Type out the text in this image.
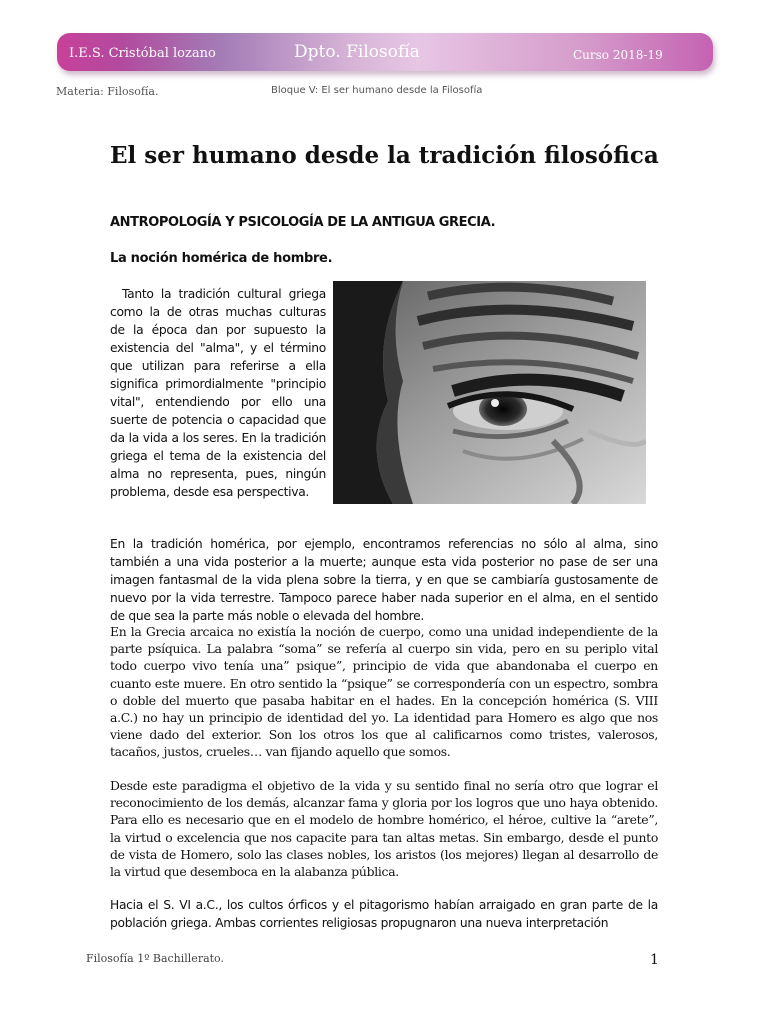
I.E.S. Cristóbal lozano	Dpto. Filosofía	Curso 2018-19
Materia: Filosofía.	Bloque V: El ser humano desde la Filosofía
El ser humano desde la tradición filosófica
ANTROPOLOGÍA Y PSICOLOGÍA DE LA ANTIGUA GRECIA.
La noción homérica de hombre.

Tanto la tradición cultural griega como la de otras muchas culturas de la época dan por supuesto la existencia del "alma", y el término que utilizan para referirse a ella significa primordialmente "principio vital", entendiendo por ello una suerte de potencia o capacidad que da la vida a los seres. En la tradición griega el tema de la existencia del alma no representa, pues, ningún problema, desde esa perspectiva.

En la tradición homérica, por ejemplo, encontramos referencias no sólo al alma, sino también a una vida posterior a la muerte; aunque esta vida posterior no pase de ser una imagen fantasmal de la vida plena sobre la tierra, y en que se cambiaría gustosamente de nuevo por la vida terrestre. Tampoco parece haber nada superior en el alma, en el sentido de que sea la parte más noble o elevada del hombre.

En la Grecia arcaica no existía la noción de cuerpo, como una unidad independiente de la parte psíquica. La palabra “soma” se refería al cuerpo sin vida, pero en su periplo vital todo cuerpo vivo tenía una” psique”, principio de vida que abandonaba el cuerpo en cuanto este muere. En otro sentido la “psique” se correspondería con un espectro, sombra o doble del muerto que pasaba habitar en el hades. En la concepción homérica (S. VIII a.C.) no hay un principio de identidad del yo. La identidad para Homero es algo que nos viene dado del exterior. Son los otros los que al calificarnos como tristes, valerosos, tacaños, justos, crueles… van fijando aquello que somos.

Desde este paradigma el objetivo de la vida y su sentido final no sería otro que lograr el reconocimiento de los demás, alcanzar fama y gloria por los logros que uno haya obtenido. Para ello es necesario que en el modelo de hombre homérico, el héroe, cultive la “arete”, la virtud o excelencia que nos capacite para tan altas metas. Sin embargo, desde el punto de vista de Homero, solo las clases nobles, los aristos (los mejores) llegan al desarrollo de la virtud que desemboca en la alabanza pública.

Hacia el S. VI a.C., los cultos órficos y el pitagorismo habían arraigado en gran parte de la población griega. Ambas corrientes religiosas propugnaron una nueva interpretación

Filosofía 1º Bachillerato.	1
